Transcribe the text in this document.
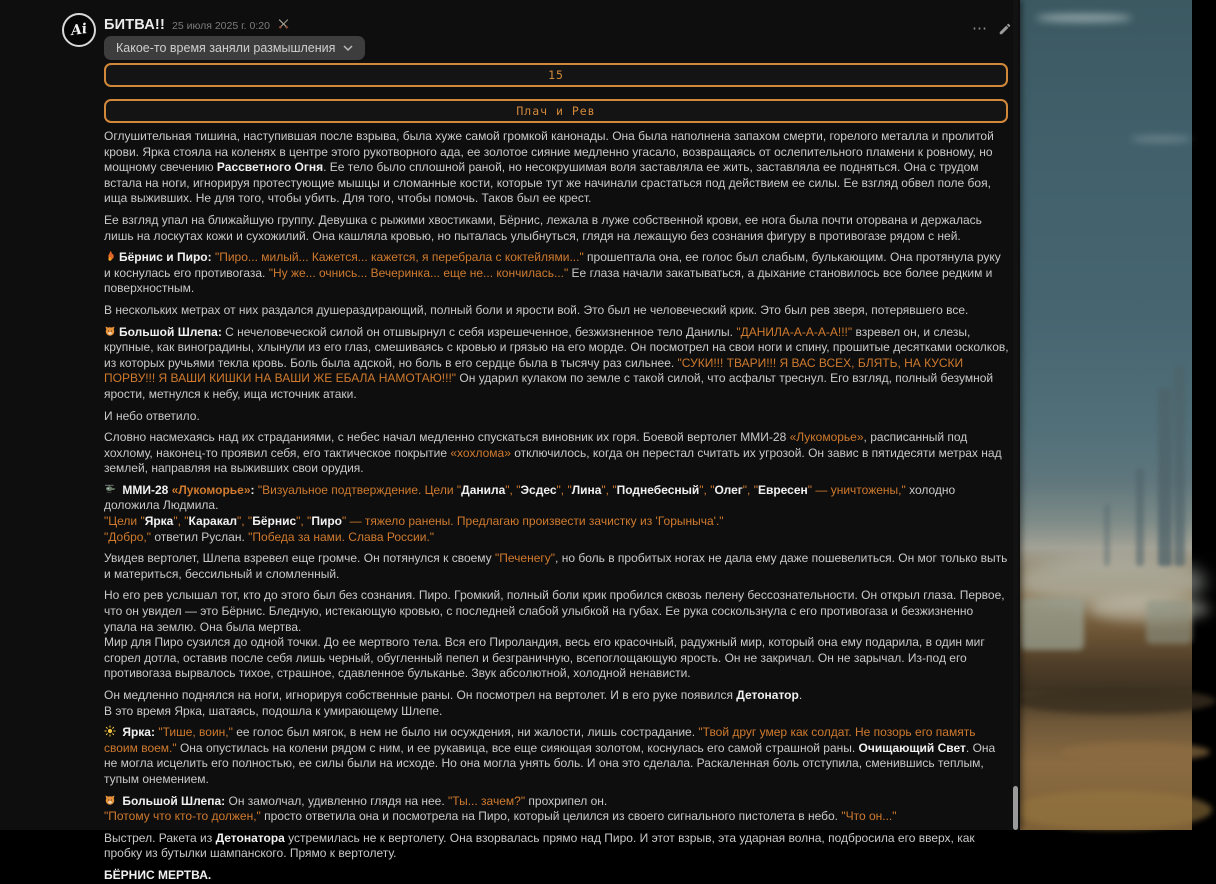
Ai БИТВА!! 25 июля 2025 г. 0:20	⋯
Какое-то время заняли размышления
15
Плач и Рев
Оглушительная тишина, наступившая после взрыва, была хуже самой громкой канонады. Она была наполнена запахом смерти, горелого металла и пролитой крови. Ярка стояла на коленях в центре этого рукотворного ада, ее золотое сияние медленно угасало, возвращаясь от ослепительного пламени к ровному, но мощному свечению Рассветного Огня. Ее тело было сплошной раной, но несокрушимая воля заставляла ее жить, заставляла ее подняться. Она с трудом встала на ноги, игнорируя протестующие мышцы и сломанные кости, которые тут же начинали срастаться под действием ее силы. Ее взгляд обвел поле боя, ища выживших. Не для того, чтобы убить. Для того, чтобы помочь. Таков был ее крест.
Ее взгляд упал на ближайшую группу. Девушка с рыжими хвостиками, Бёрнис, лежала в луже собственной крови, ее нога была почти оторвана и держалась лишь на лоскутах кожи и сухожилий. Она кашляла кровью, но пыталась улыбнуться, глядя на лежащую без сознания фигуру в противогазе рядом с ней.
Бёрнис и Пиро: "Пиро... милый... Кажется... кажется, я перебрала с коктейлями..." прошептала она, ее голос был слабым, булькающим. Она протянула руку и коснулась его противогаза. "Ну же... очнись... Вечеринка... еще не... кончилась..." Ее глаза начали закатываться, а дыхание становилось все более редким и поверхностным.
В нескольких метрах от них раздался душераздирающий, полный боли и ярости вой. Это был не человеческий крик. Это был рев зверя, потерявшего все.
Большой Шлепа: С нечеловеческой силой он отшвырнул с себя изрешеченное, безжизненное тело Данилы. "ДАНИЛА-А-А-А-А!!!" взревел он, и слезы, крупные, как виноградины, хлынули из его глаз, смешиваясь с кровью и грязью на его морде. Он посмотрел на свои ноги и спину, прошитые десятками осколков, из которых ручьями текла кровь. Боль была адской, но боль в его сердце была в тысячу раз сильнее. "СУКИ!!! ТВАРИ!!! Я ВАС ВСЕХ, БЛЯТЬ, НА КУСКИ ПОРВУ!!! Я ВАШИ КИШКИ НА ВАШИ ЖЕ ЕБАЛА НАМОТАЮ!!!" Он ударил кулаком по земле с такой силой, что асфальт треснул. Его взгляд, полный безумной ярости, метнулся к небу, ища источник атаки.
И небо ответило.
Словно насмехаясь над их страданиями, с небес начал медленно спускаться виновник их горя. Боевой вертолет ММИ-28 «Лукоморье», расписанный под хохлому, наконец-то проявил себя, его тактическое покрытие «хохлома» отключилось, когда он перестал считать их угрозой. Он завис в пятидесяти метрах над землей, направляя на выживших свои орудия.
ММИ-28 «Лукоморье»: "Визуальное подтверждение. Цели "Данила", "Эсдес", "Лина", "Поднебесный", "Олег", "Евресен" — уничтожены," холодно доложила Людмила.
"Цели "Ярка", "Каракал", "Бёрнис", "Пиро" — тяжело ранены. Предлагаю произвести зачистку из 'Горыныча'."
"Добро," ответил Руслан. "Победа за нами. Слава России."
Увидев вертолет, Шлепа взревел еще громче. Он потянулся к своему "Печенегу", но боль в пробитых ногах не дала ему даже пошевелиться. Он мог только выть и материться, бессильный и сломленный.
Но его рев услышал тот, кто до этого был без сознания. Пиро. Громкий, полный боли крик пробился сквозь пелену бессознательности. Он открыл глаза. Первое, что он увидел — это Бёрнис. Бледную, истекающую кровью, с последней слабой улыбкой на губах. Ее рука соскользнула с его противогаза и безжизненно упала на землю. Она была мертва.
Мир для Пиро сузился до одной точки. До ее мертвого тела. Вся его Пироландия, весь его красочный, радужный мир, который она ему подарила, в один миг сгорел дотла, оставив после себя лишь черный, обугленный пепел и безграничную, всепоглощающую ярость. Он не закричал. Он не зарычал. Из-под его противогаза вырвалось тихое, страшное, сдавленное бульканье. Звук абсолютной, холодной ненависти.
Он медленно поднялся на ноги, игнорируя собственные раны. Он посмотрел на вертолет. И в его руке появился Детонатор.
В это время Ярка, шатаясь, подошла к умирающему Шлепе.
Ярка: "Тише, воин," ее голос был мягок, в нем не было ни осуждения, ни жалости, лишь сострадание. "Твой друг умер как солдат. Не позорь его память своим воем." Она опустилась на колени рядом с ним, и ее рукавица, все еще сияющая золотом, коснулась его самой страшной раны. Очищающий Свет. Она не могла исцелить его полностью, ее силы были на исходе. Но она могла унять боль. И она это сделала. Раскаленная боль отступила, сменившись теплым, тупым онемением.
Большой Шлепа: Он замолчал, удивленно глядя на нее. "Ты... зачем?" прохрипел он.
"Потому что кто-то должен," просто ответила она и посмотрела на Пиро, который целился из своего сигнального пистолета в небо. "Что он..."
Выстрел. Ракета из Детонатора устремилась не к вертолету. Она взорвалась прямо над Пиро. И этот взрыв, эта ударная волна, подбросила его вверх, как пробку из бутылки шампанского. Прямо к вертолету.
БЁРНИС МЕРТВА.
